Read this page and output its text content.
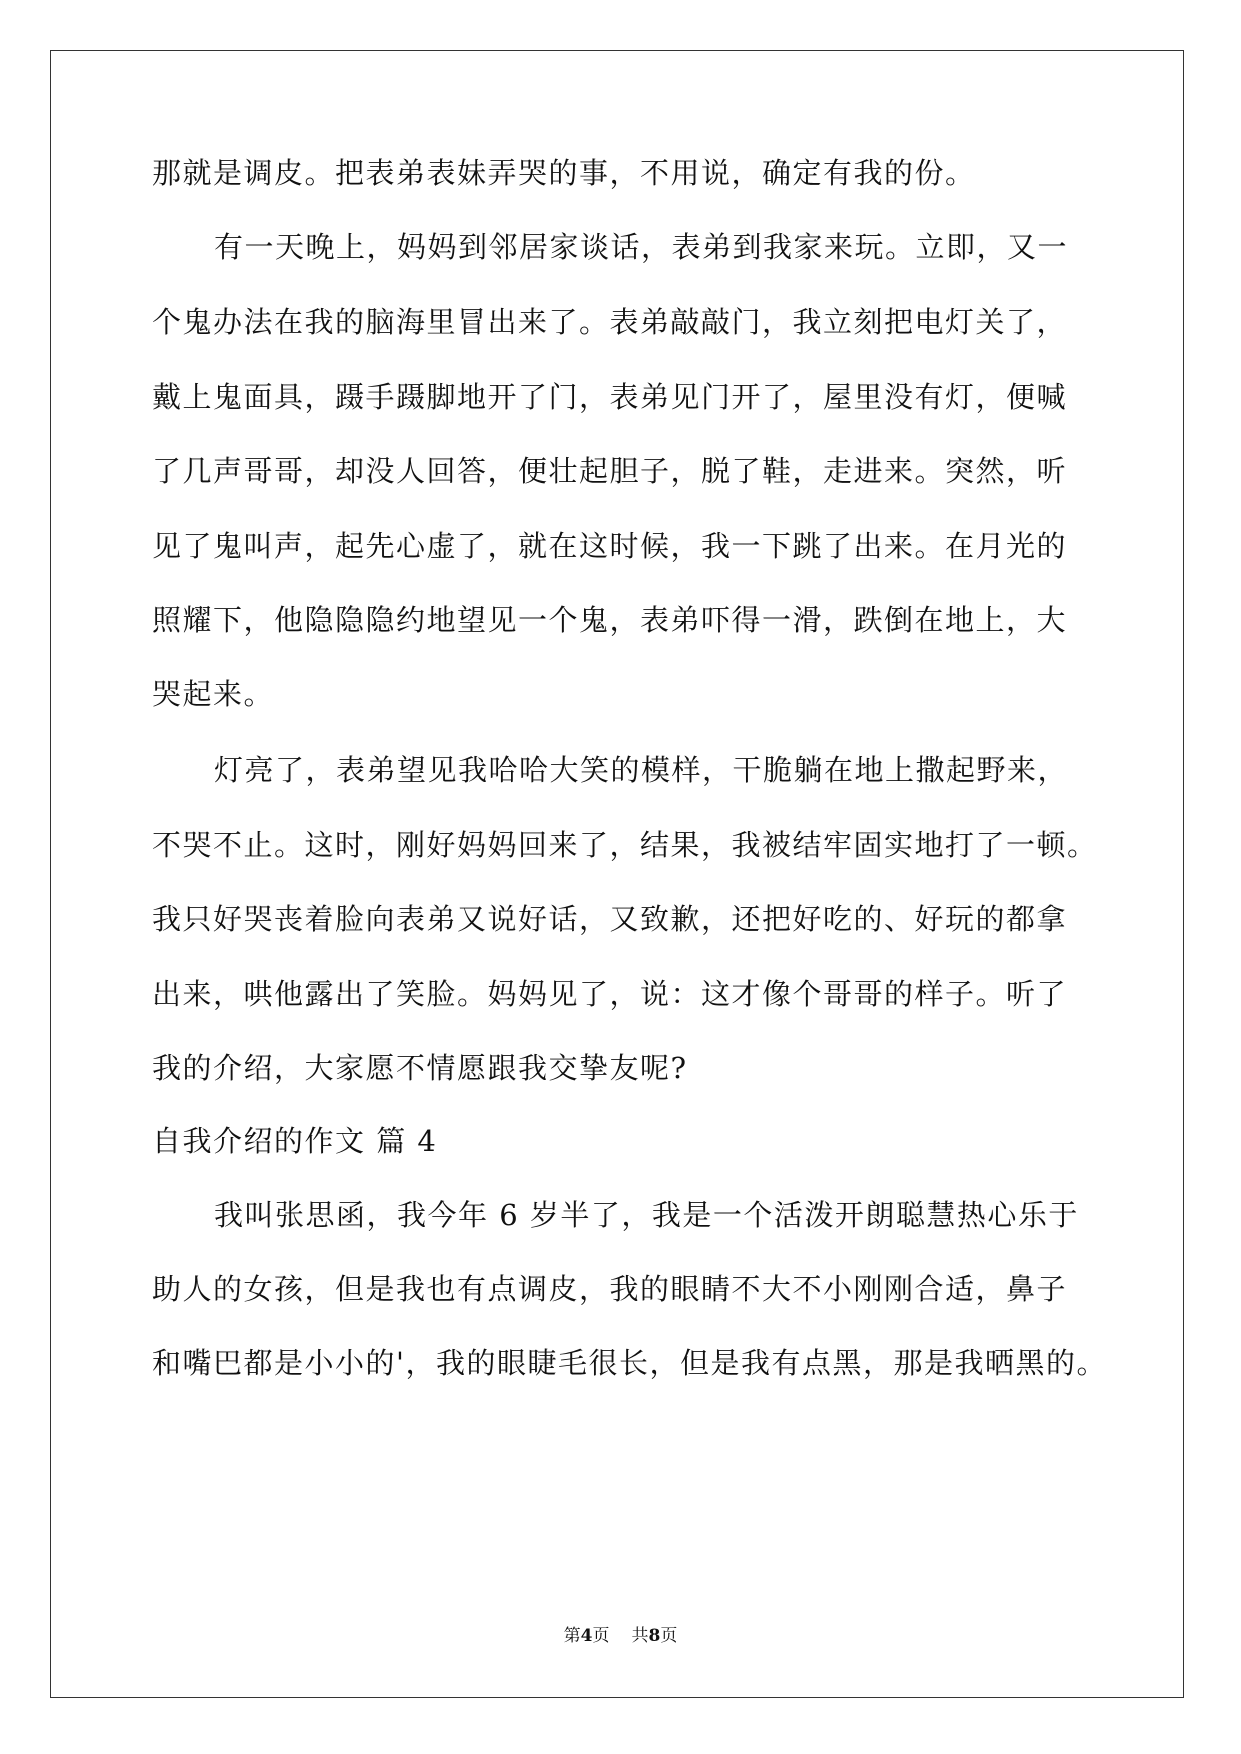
那就是调皮。把表弟表妹弄哭的事，不用说，确定有我的份。
有一天晚上，妈妈到邻居家谈话，表弟到我家来玩。立即，又一
个鬼办法在我的脑海里冒出来了。表弟敲敲门，我立刻把电灯关了，
戴上鬼面具，蹑手蹑脚地开了门，表弟见门开了，屋里没有灯，便喊
了几声哥哥，却没人回答，便壮起胆子，脱了鞋，走进来。突然，听
见了鬼叫声，起先心虚了，就在这时候，我一下跳了出来。在月光的
照耀下，他隐隐隐约地望见一个鬼，表弟吓得一滑，跌倒在地上，大
哭起来。
灯亮了，表弟望见我哈哈大笑的模样，干脆躺在地上撒起野来，
不哭不止。这时，刚好妈妈回来了，结果，我被结牢固实地打了一顿。
我只好哭丧着脸向表弟又说好话，又致歉，还把好吃的、好玩的都拿
出来，哄他露出了笑脸。妈妈见了，说：这才像个哥哥的样子。听了
我的介绍，大家愿不情愿跟我交挚友呢?
自我介绍的作文 篇 4
我叫张思函，我今年 6 岁半了，我是一个活泼开朗聪慧热心乐于
助人的女孩，但是我也有点调皮，我的眼睛不大不小刚刚合适，鼻子
和嘴巴都是小小的'，我的眼睫毛很长，但是我有点黑，那是我晒黑的。
第4页 共8页
